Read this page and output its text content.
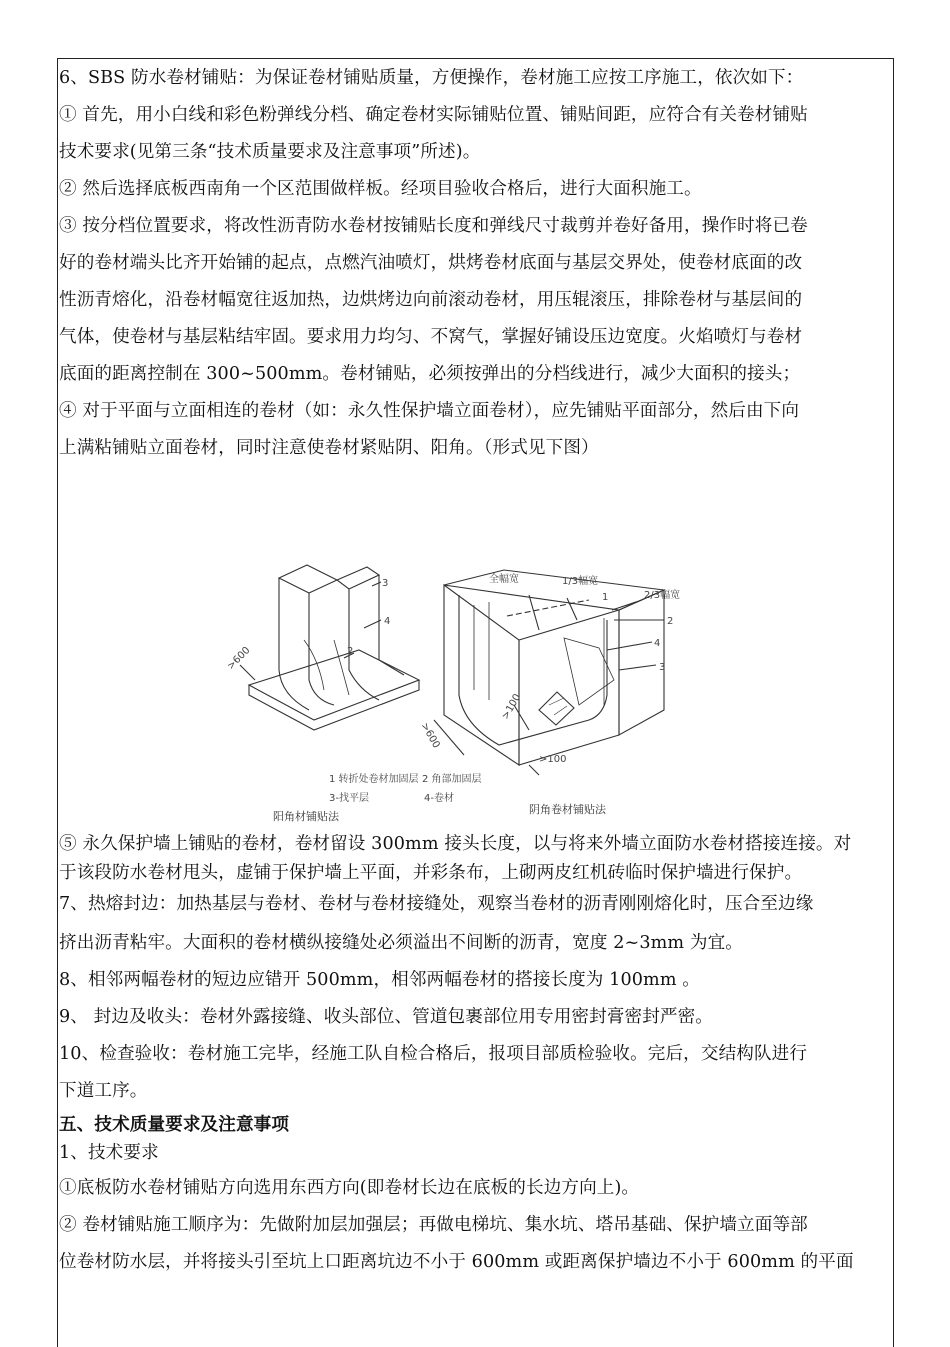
6、SBS 防水卷材铺贴：为保证卷材铺贴质量，方便操作，卷材施工应按工序施工，依次如下：
① 首先，用小白线和彩色粉弹线分档、确定卷材实际铺贴位置、铺贴间距，应符合有关卷材铺贴
技术要求(见第三条“技术质量要求及注意事项”所述)。
② 然后选择底板西南角一个区范围做样板。经项目验收合格后，进行大面积施工。
③ 按分档位置要求，将改性沥青防水卷材按铺贴长度和弹线尺寸裁剪并卷好备用，操作时将已卷
好的卷材端头比齐开始铺的起点，点燃汽油喷灯，烘烤卷材底面与基层交界处，使卷材底面的改
性沥青熔化，沿卷材幅宽往返加热，边烘烤边向前滚动卷材，用压辊滚压，排除卷材与基层间的
气体，使卷材与基层粘结牢固。要求用力均匀、不窝气，掌握好铺设压边宽度。火焰喷灯与卷材
底面的距离控制在 300~500mm。卷材铺贴，必须按弹出的分档线进行，减少大面积的接头；
④ 对于平面与立面相连的卷材（如：永久性保护墙立面卷材），应先铺贴平面部分，然后由下向
上满粘铺贴立面卷材，同时注意使卷材紧贴阴、阳角。（形式见下图）
3
4
2
>600
全幅宽	1/3幅宽
2/3幅宽
1
2
4
3
>600
>100
>100
1 转折处卷材加固层 2 角部加固层
3-找平层	4-卷材
阳角材铺贴法
阴角卷材铺贴法
⑤ 永久保护墙上铺贴的卷材，卷材留设 300mm 接头长度，以与将来外墙立面防水卷材搭接连接。对
于该段防水卷材甩头，虚铺于保护墙上平面，并彩条布，上砌两皮红机砖临时保护墙进行保护。
7、热熔封边：加热基层与卷材、卷材与卷材接缝处，观察当卷材的沥青刚刚熔化时，压合至边缘
挤出沥青粘牢。大面积的卷材横纵接缝处必须溢出不间断的沥青，宽度 2~3mm 为宜。
8、相邻两幅卷材的短边应错开 500mm，相邻两幅卷材的搭接长度为 100mm 。
9、 封边及收头：卷材外露接缝、收头部位、管道包裹部位用专用密封膏密封严密。
10、检查验收：卷材施工完毕，经施工队自检合格后，报项目部质检验收。完后，交结构队进行
下道工序。
五、技术质量要求及注意事项
1、技术要求
①底板防水卷材铺贴方向选用东西方向(即卷材长边在底板的长边方向上)。
② 卷材铺贴施工顺序为：先做附加层加强层；再做电梯坑、集水坑、塔吊基础、保护墙立面等部
位卷材防水层，并将接头引至坑上口距离坑边不小于 600mm 或距离保护墙边不小于 600mm 的平面
